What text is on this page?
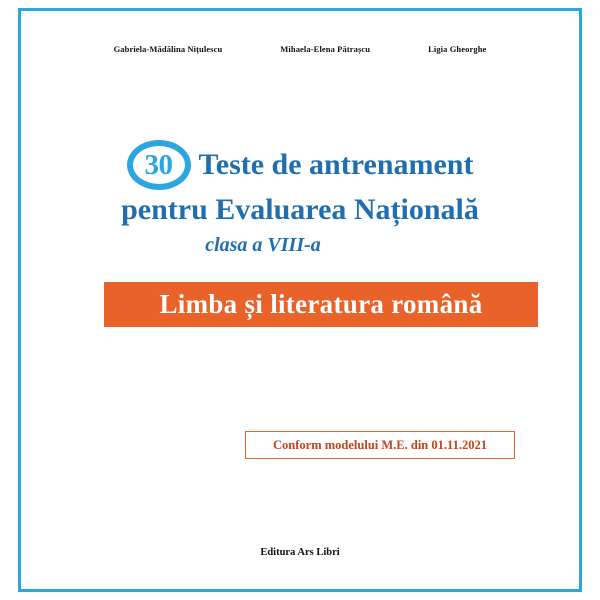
Gabriela-Mădălina Nițulescu	Mihaela-Elena Pătrașcu	Ligia Gheorghe
30 Teste de antrenament
pentru Evaluarea Națională
clasa a VIII-a
Limba și literatura română
Conform modelului M.E. din 01.11.2021
Editura Ars Libri
